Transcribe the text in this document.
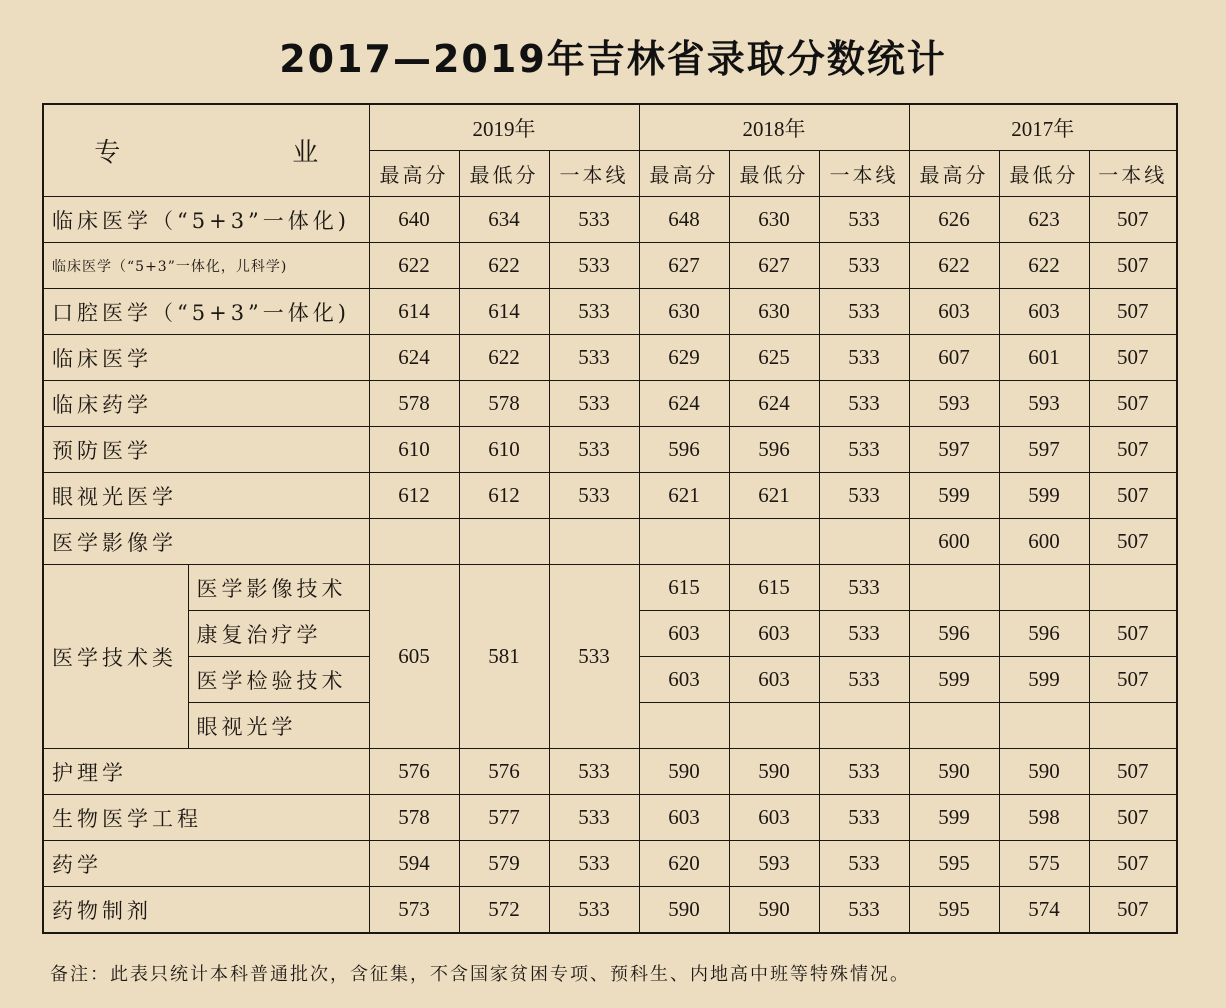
2017—2019年吉林省录取分数统计
专　　业		2019年			2018年			2017年		
		最高分	最低分	一本线	最高分	最低分	一本线	最高分	最低分	一本线
临床医学（“5+3”一体化)		640	634	533	648	630	533	626	623	507
临床医学（“5+3”一体化，儿科学)		622	622	533	627	627	533	622	622	507
口腔医学（“5+3”一体化)		614	614	533	630	630	533	603	603	507
临床医学		624	622	533	629	625	533	607	601	507
临床药学		578	578	533	624	624	533	593	593	507
预防医学		610	610	533	596	596	533	597	597	507
眼视光医学		612	612	533	621	621	533	599	599	507
医学影像学								600	600	507
医学技术类	医学影像技术	605	581	533	615	615	533			
	康复治疗学				603	603	533	596	596	507
	医学检验技术				603	603	533	599	599	507
	眼视光学									
护理学		576	576	533	590	590	533	590	590	507
生物医学工程		578	577	533	603	603	533	599	598	507
药学		594	579	533	620	593	533	595	575	507
药物制剂		573	572	533	590	590	533	595	574	507
备注：此表只统计本科普通批次，含征集，不含国家贫困专项、预科生、内地高中班等特殊情况。
